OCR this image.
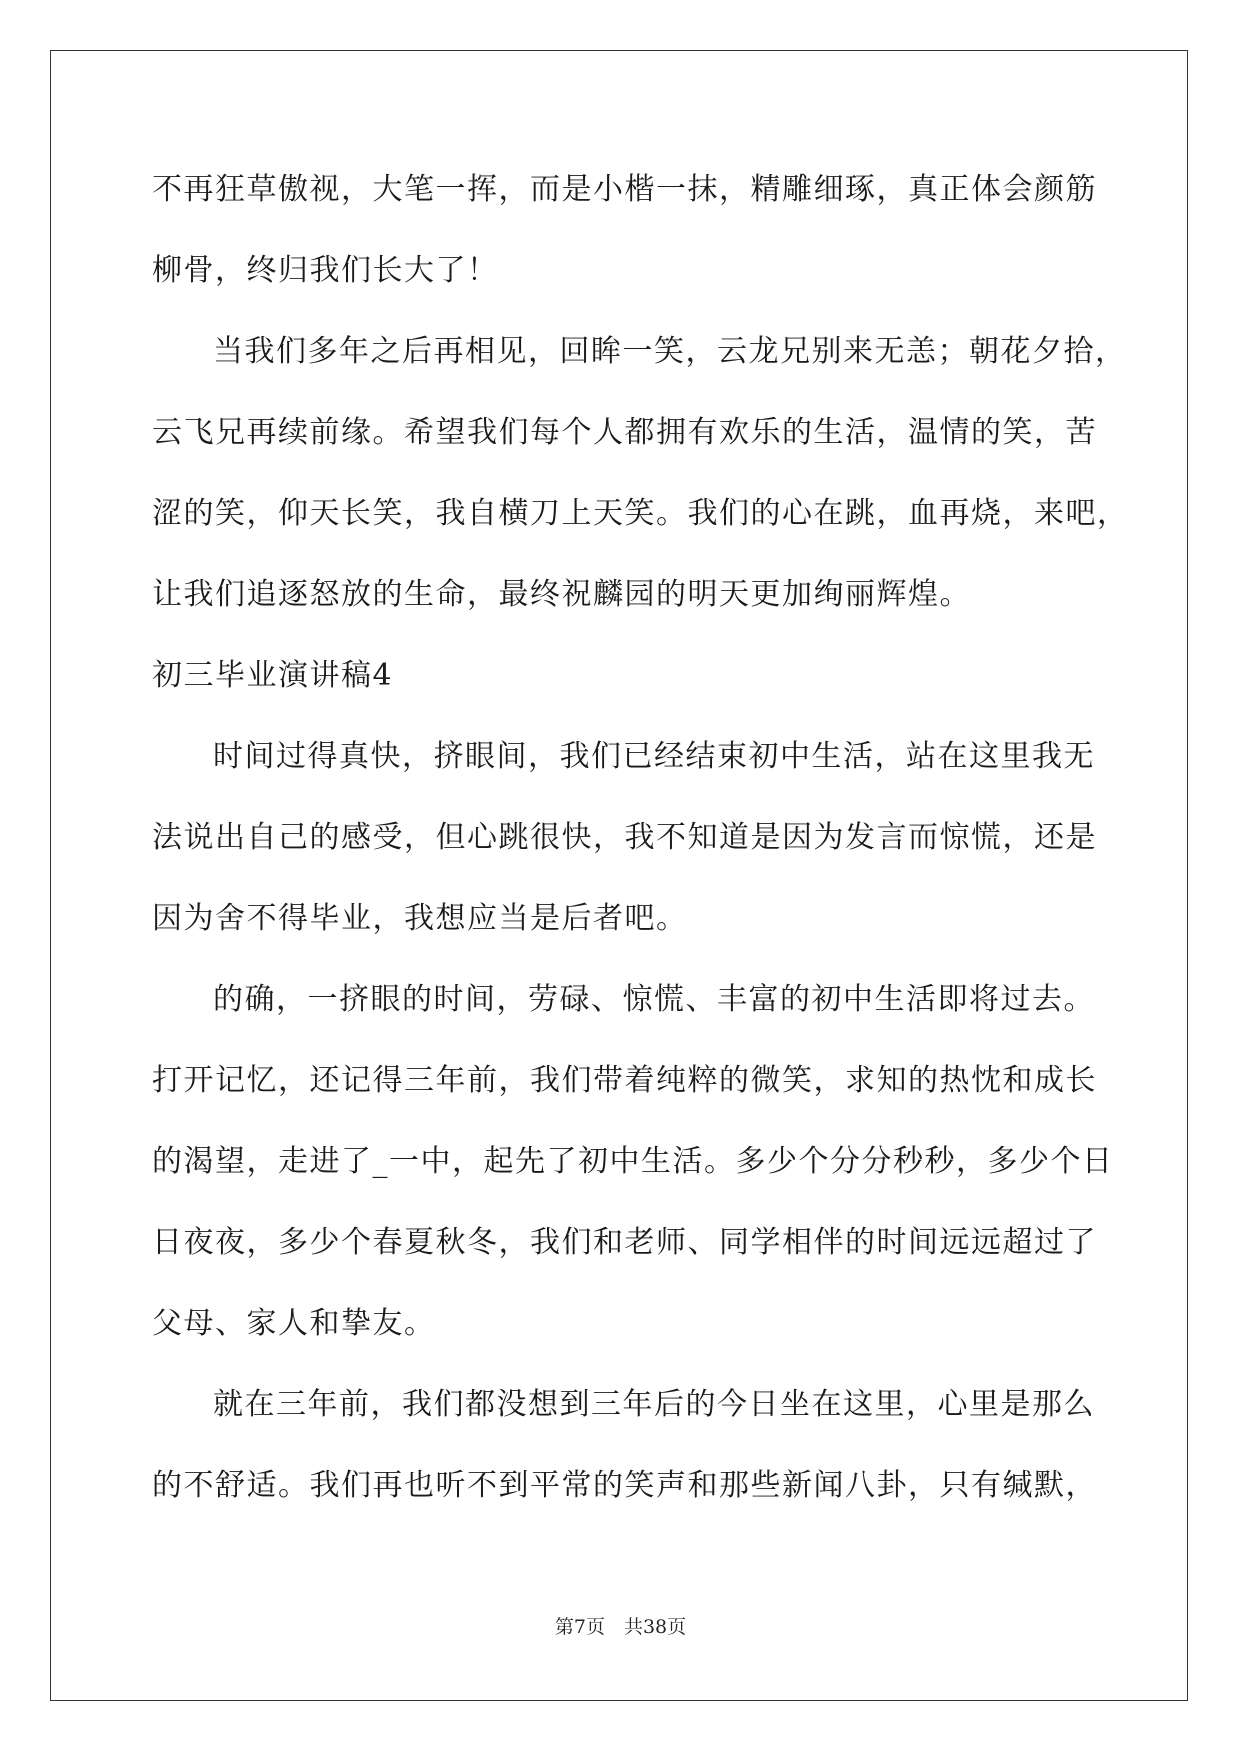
不再狂草傲视，大笔一挥，而是小楷一抹，精雕细琢，真正体会颜筋
柳骨，终归我们长大了！
当我们多年之后再相见，回眸一笑，云龙兄别来无恙；朝花夕拾，
云飞兄再续前缘。希望我们每个人都拥有欢乐的生活，温情的笑，苦
涩的笑，仰天长笑，我自横刀上天笑。我们的心在跳，血再烧，来吧，
让我们追逐怒放的生命，最终祝麟园的明天更加绚丽辉煌。
初三毕业演讲稿4
时间过得真快，挤眼间，我们已经结束初中生活，站在这里我无
法说出自己的感受，但心跳很快，我不知道是因为发言而惊慌，还是
因为舍不得毕业，我想应当是后者吧。
的确，一挤眼的时间，劳碌、惊慌、丰富的初中生活即将过去。
打开记忆，还记得三年前，我们带着纯粹的微笑，求知的热忱和成长
的渴望，走进了_一中，起先了初中生活。多少个分分秒秒，多少个日
日夜夜，多少个春夏秋冬，我们和老师、同学相伴的时间远远超过了
父母、家人和挚友。
就在三年前，我们都没想到三年后的今日坐在这里，心里是那么
的不舒适。我们再也听不到平常的笑声和那些新闻八卦，只有缄默，
第7页　共38页
